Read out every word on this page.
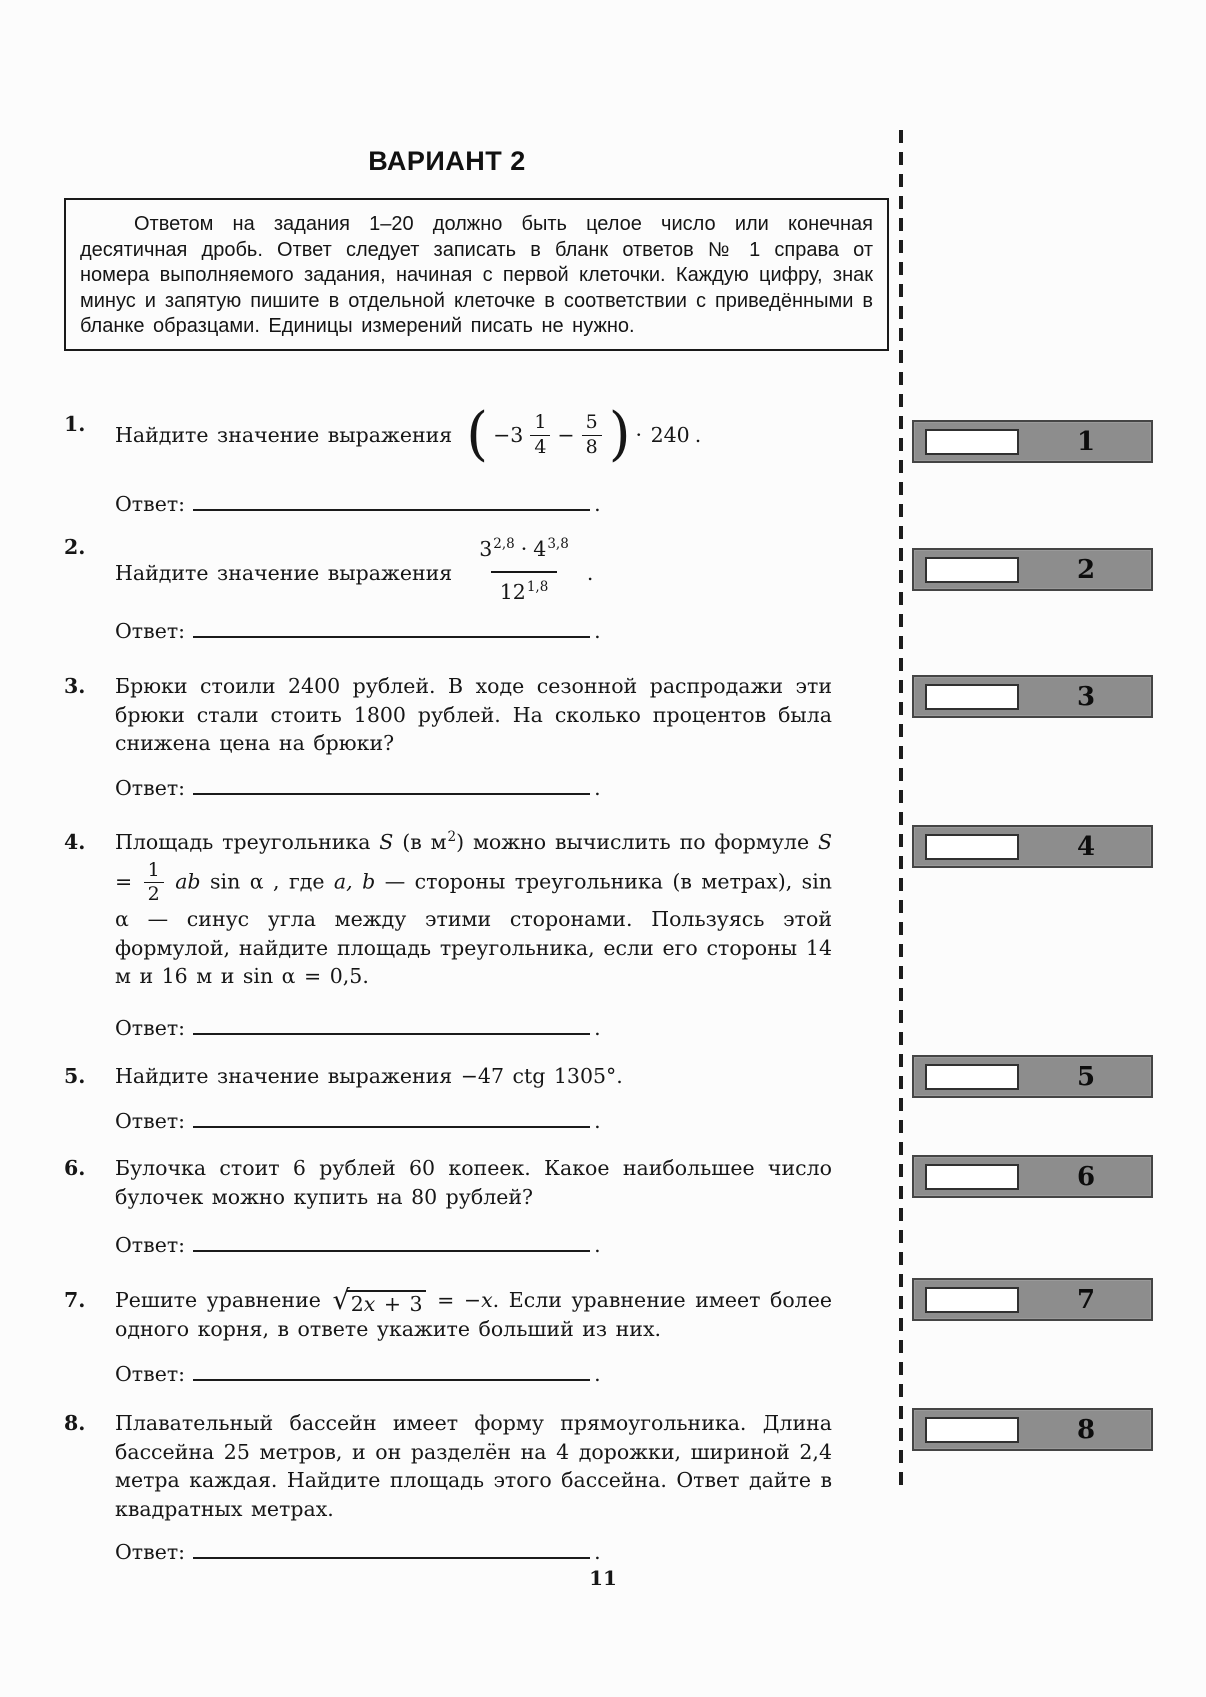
ВАРИАНТ 2
Ответом на задания 1–20 должно быть целое число или конечная десятичная дробь. Ответ следует записать в бланк ответов № 1 справа от номера выполняемого задания, начиная с первой клеточки. Каждую цифру, знак минус и запятую пишите в отдельной клеточке в соответствии с приведёнными в бланке образцами. Единицы измерений писать не нужно.
1. Найдите значение выражения ( $-3 \frac{1}{4} - \frac{5}{8}$ ) · 240 .
2.
Найдите значение выражения $\frac{3 2,8 \cdot 4 3,8}{12 1,8}$ .
3. Брюки стоили 2400 рублей. В ходе сезонной распродажи эти брюки стали стоить 1800 рублей. На сколько процентов была снижена цена на брюки?
4. Площадь треугольника S (в $м^2$) можно вычислить по формуле $S = \frac{1}{2}$ ab sin α , где a, b — стороны треугольника (в метрах), sin α — синус угла между этими сторонами. Пользуясь этой формулой, найдите площадь треугольника, если его стороны 14 м и 16 м и sin α = 0,5.
5. Найдите значение выражения −47 ctg 1305°.
6. Булочка стоит 6 рублей 60 копеек. Какое наибольшее число булочек можно купить на 80 рублей?
7. Решите уравнение √ 2x + 3 = −x. Если уравнение имеет более одного корня, в ответе укажите больший из них.
8. Плавательный бассейн имеет форму прямоугольника. Длина бассейна 25 метров, и он разделён на 4 дорожки, шириной 2,4 метра каждая. Найдите площадь этого бассейна. Ответ дайте в квадратных метрах.
Ответ:	.
Ответ:	.
Ответ:	.
Ответ:	.
Ответ:	.
Ответ:	.
Ответ:	.
Ответ:	.
1
2
3
4
5
6
7
8
11
